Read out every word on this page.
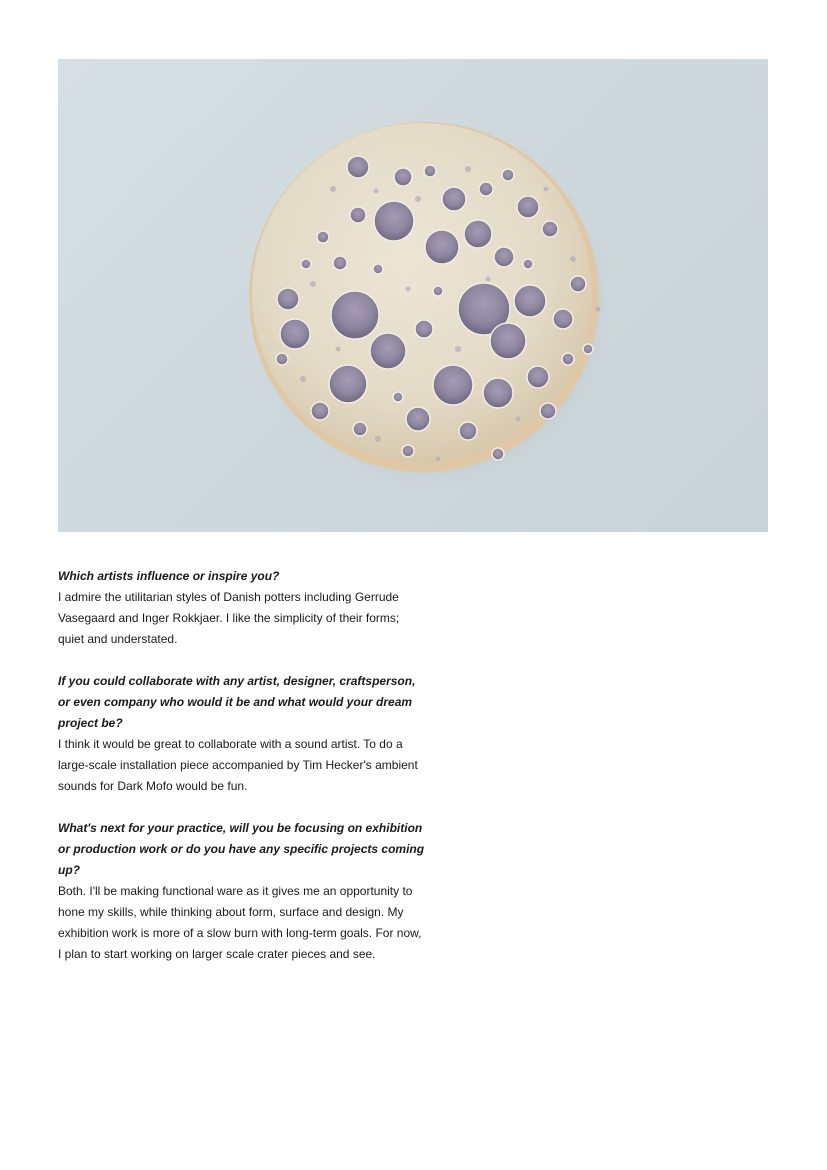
Which artists influence or inspire you?

I admire the utilitarian styles of Danish potters including Gerrude Vasegaard and Inger Rokkjaer. I like the simplicity of their forms; quiet and understated.

If you could collaborate with any artist, designer, craftsperson, or even company who would it be and what would your dream project be?

I think it would be great to collaborate with a sound artist. To do a large-scale installation piece accompanied by Tim Hecker's ambient sounds for Dark Mofo would be fun.

What's next for your practice, will you be focusing on exhibition or production work or do you have any specific projects coming up?

Both. I'll be making functional ware as it gives me an opportunity to hone my skills, while thinking about form, surface and design. My exhibition work is more of a slow burn with long-term goals. For now, I plan to start working on larger scale crater pieces and see.
